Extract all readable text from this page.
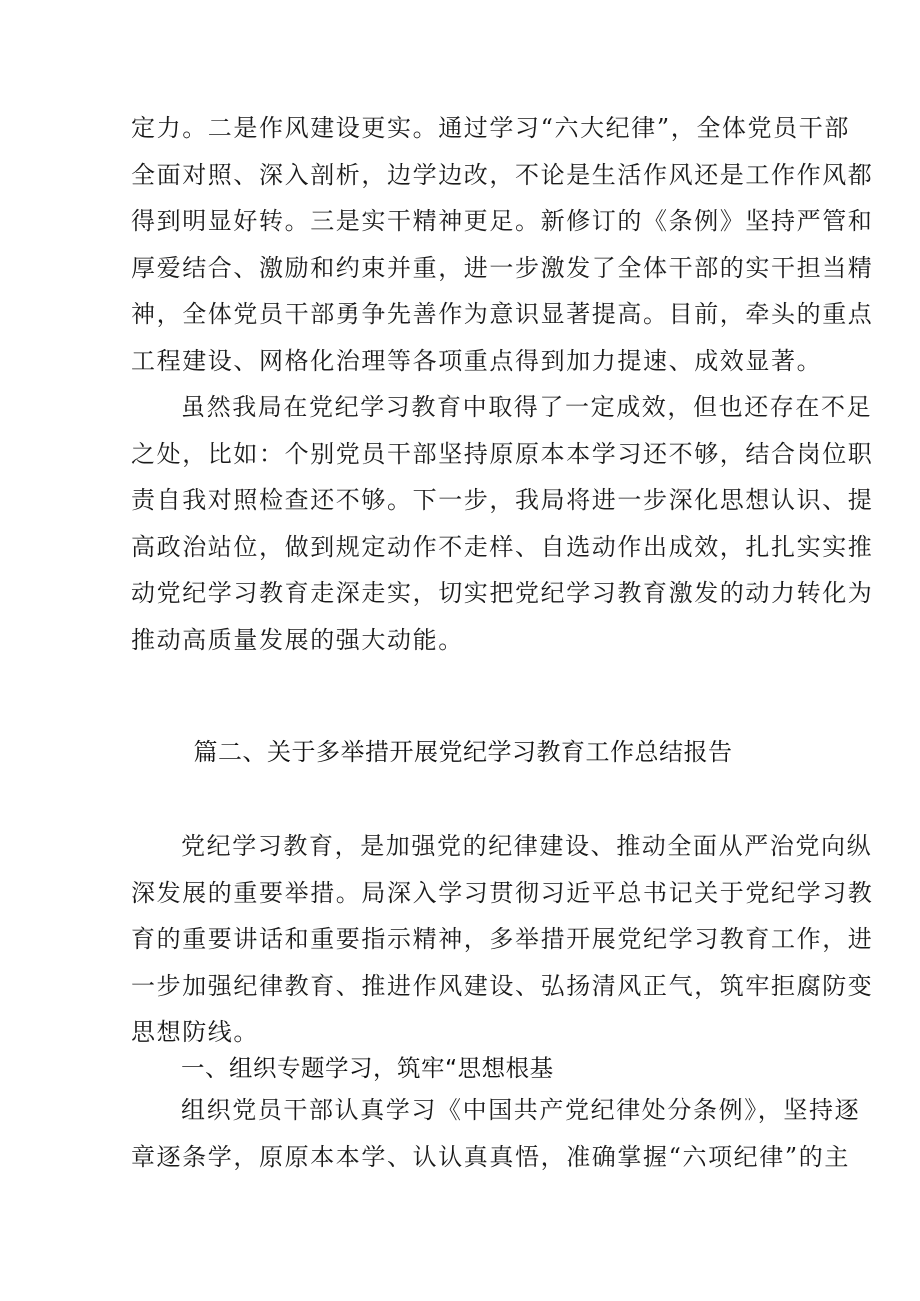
定力。二是作风建设更实。通过学习“六大纪律”，全体党员干部
全面对照、深入剖析，边学边改，不论是生活作风还是工作作风都
得到明显好转。三是实干精神更足。新修订的《条例》坚持严管和
厚爱结合、激励和约束并重，进一步激发了全体干部的实干担当精
神，全体党员干部勇争先善作为意识显著提高。目前，牵头的重点
工程建设、网格化治理等各项重点得到加力提速、成效显著。
虽然我局在党纪学习教育中取得了一定成效，但也还存在不足
之处，比如：个别党员干部坚持原原本本学习还不够，结合岗位职
责自我对照检查还不够。下一步，我局将进一步深化思想认识、提
高政治站位，做到规定动作不走样、自选动作出成效，扎扎实实推
动党纪学习教育走深走实，切实把党纪学习教育激发的动力转化为
推动高质量发展的强大动能。
篇二、关于多举措开展党纪学习教育工作总结报告
党纪学习教育，是加强党的纪律建设、推动全面从严治党向纵
深发展的重要举措。局深入学习贯彻习近平总书记关于党纪学习教
育的重要讲话和重要指示精神，多举措开展党纪学习教育工作，进
一步加强纪律教育、推进作风建设、弘扬清风正气，筑牢拒腐防变
思想防线。
一、组织专题学习，筑牢“思想根基
组织党员干部认真学习《中国共产党纪律处分条例》，坚持逐
章逐条学，原原本本学、认认真真悟，准确掌握“六项纪律”的主
